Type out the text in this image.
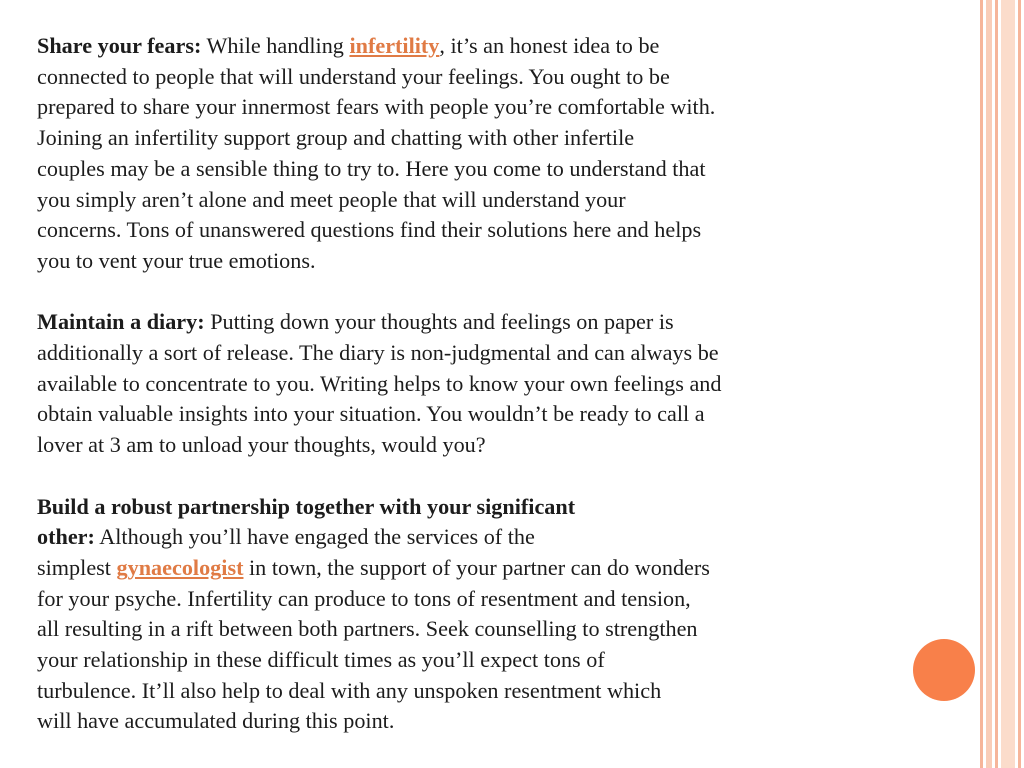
Share your fears: While handling infertility, it’s an honest idea to be
connected to people that will understand your feelings. You ought to be
prepared to share your innermost fears with people you’re comfortable with.
Joining an infertility support group and chatting with other infertile
couples may be a sensible thing to try to. Here you come to understand that
you simply aren’t alone and meet people that will understand your
concerns. Tons of unanswered questions find their solutions here and helps
you to vent your true emotions.
Maintain a diary: Putting down your thoughts and feelings on paper is
additionally a sort of release. The diary is non-judgmental and can always be
available to concentrate to you. Writing helps to know your own feelings and
obtain valuable insights into your situation. You wouldn’t be ready to call a
lover at 3 am to unload your thoughts, would you?
Build a robust partnership together with your significant
other: Although you’ll have engaged the services of the
simplest gynaecologist in town, the support of your partner can do wonders
for your psyche. Infertility can produce to tons of resentment and tension,
all resulting in a rift between both partners. Seek counselling to strengthen
your relationship in these difficult times as you’ll expect tons of
turbulence. It’ll also help to deal with any unspoken resentment which
will have accumulated during this point.
